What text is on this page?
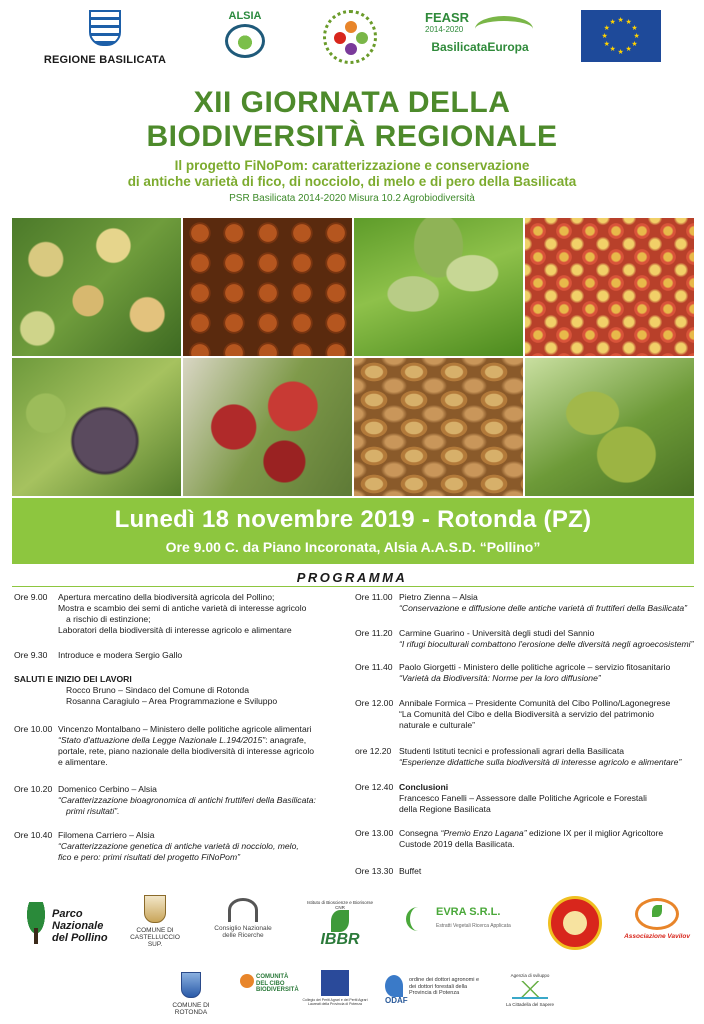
REGIONE BASILICATA
ALSIA	FEASR
2014-2020
BasilicataEuropa
★
★
★
★
★
★
★
★
★ ★ ★
★
XII GIORNATA DELLA
BIODIVERSITÀ REGIONALE
Il progetto FiNoPom: caratterizzazione e conservazione
di antiche varietà di fico, di nocciolo, di melo e di pero della Basilicata
PSR Basilicata 2014-2020 Misura 10.2 Agrobiodiversità
Lunedì 18 novembre 2019 - Rotonda (PZ)
Ore 9.00 C. da Piano Incoronata, Alsia A.A.S.D. “Pollino”
PROGRAMMA
Ore 9.00	Apertura mercatino della biodiversità agricola del Pollino;
Mostra e scambio dei semi di antiche varietà di interesse agricolo
a rischio di estinzione;
Laboratori della biodiversità di interesse agricolo e alimentare
Ore 9.30	Introduce e modera Sergio Gallo
SALUTI E INIZIO DEI LAVORI
Rocco Bruno – Sindaco del Comune di Rotonda
Rosanna Caragiulo – Area Programmazione e Sviluppo
Ore 10.00 Vincenzo Montalbano – Ministero delle politiche agricole alimentari
“Stato d'attuazione della Legge Nazionale L.194/2015”: anagrafe,
portale, rete, piano nazionale della biodiversità di interesse agricolo
e alimentare.
Ore 10.20 Domenico Cerbino – Alsia
“Caratterizzazione bioagronomica di antichi fruttiferi della Basilicata:
primi risultati”.
Ore 10.40 Filomena Carriero – Alsia
“Caratterizzazione genetica di antiche varietà di nocciolo, melo,
fico e pero: primi risultati del progetto FiNoPom”
Ore 11.00 Pietro Zienna – Alsia
“Conservazione e diffusione delle antiche varietà di fruttiferi della Basilicata”
Ore 11.20 Carmine Guarino - Università degli studi del Sannio
“I rifugi bioculturali combattono l'erosione delle diversità negli agroecosistemi”
Ore 11.40 Paolo Giorgetti - Ministero delle politiche agricole – servizio fitosanitario
“Varietà da Biodiversità: Norme per la loro diffusione”
Ore 12.00 Annibale Formica – Presidente Comunità del Cibo Pollino/Lagonegrese
“La Comunità del Cibo e della Biodiversità a servizio del patrimonio
naturale e culturale”
ore 12.20 Studenti Istituti tecnici e professionali agrari della Basilicata
“Esperienze didattiche sulla biodiversità di interesse agricolo e alimentare”
Ore 12.40 Conclusioni
Francesco Fanelli – Assessore dalle Politiche Agricole e Forestali
della Regione Basilicata
Ore 13.00 Consegna “Premio Enzo Lagana” edizione IX per il miglior Agricoltore
Custode 2019 della Basilicata.
Ore 13.30 Buffet
Parco Nazionale del Pollino
COMUNE DI CASTELLUCCIO SUP.
Consiglio Nazionale delle Ricerche
Istituto di Bioscienze e Biorisorse CNR
IBBR
EVRA S.R.L.
Estratti Vegetali Ricerca Applicata
Associazione Vavilov
COMUNE DI ROTONDA
COMUNITÀ DEL CIBO BIODIVERSITÀ
Collegio dei Periti Agrari e dei Periti Agrari Laureati della Provincia di Potenza	ODAF
ordine dei dottori agronomi e dei dottori forestali della Provincia di Potenza
Agenzia di sviluppo
La Cittadella del Sapere
